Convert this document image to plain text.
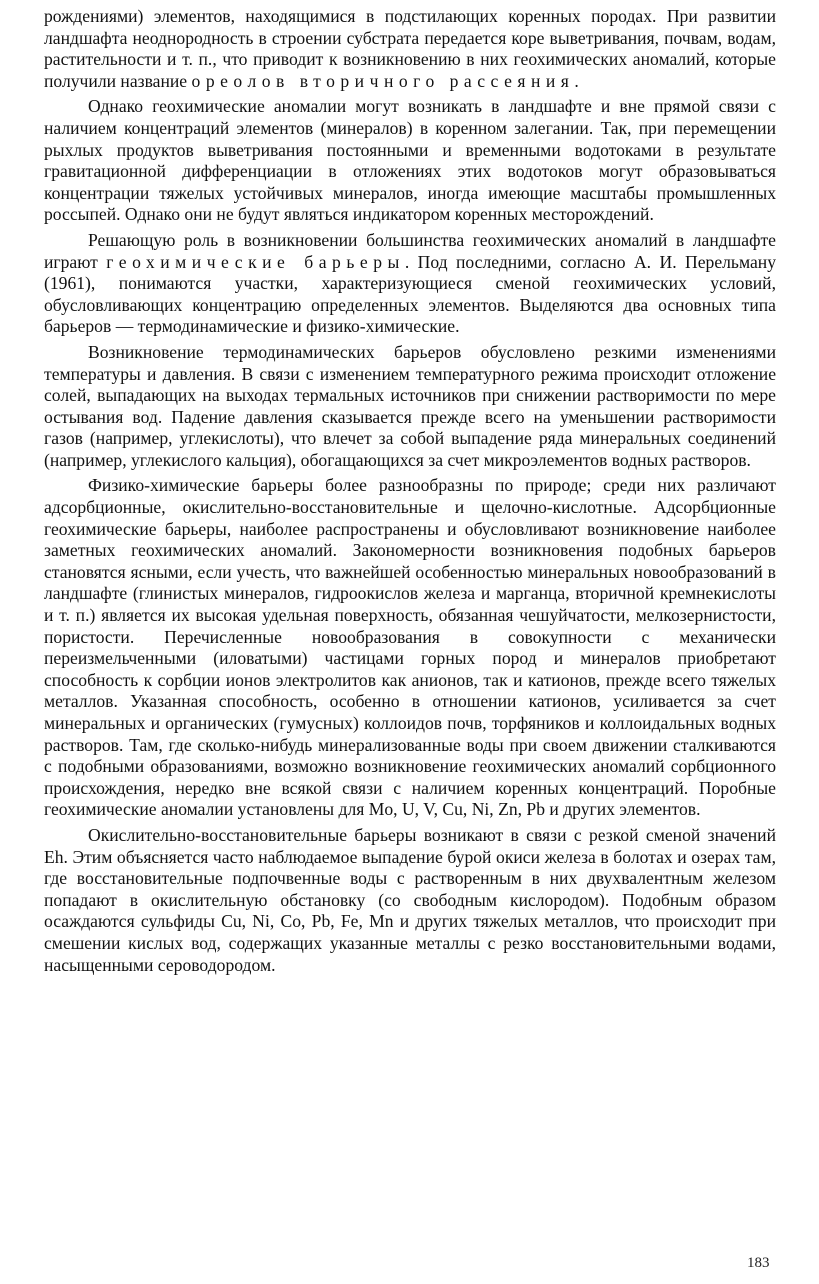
рождениями) элементов, находящимися в подстилающих коренных породах. При развитии ландшафта неоднородность в строении субстрата передается коре выветривания, почвам, водам, растительности и т. п., что приводит к возникновению в них геохимических аномалий, которые получили название ореолов вторичного рассеяния.

Однако геохимические аномалии могут возникать в ландшафте и вне прямой связи с наличием концентраций элементов (минералов) в коренном залегании. Так, при перемещении рыхлых продуктов выветривания постоянными и временными водотоками в результате гравитационной дифференциации в отложениях этих водотоков могут образовываться концентрации тяжелых устойчивых минералов, иногда имеющие масштабы промышленных россыпей. Однако они не будут являться индикатором коренных месторождений.

Решающую роль в возникновении большинства геохимических аномалий в ландшафте играют геохимические барьеры. Под последними, согласно А. И. Перельману (1961), понимаются участки, характеризующиеся сменой геохимических условий, обусловливающих концентрацию определенных элементов. Выделяются два основных типа барьеров — термодинамические и физико-химические.

Возникновение термодинамических барьеров обусловлено резкими изменениями температуры и давления. В связи с изменением температурного режима происходит отложение солей, выпадающих на выходах термальных источников при снижении растворимости по мере остывания вод. Падение давления сказывается прежде всего на уменьшении растворимости газов (например, углекислоты), что влечет за собой выпадение ряда минеральных соединений (например, углекислого кальция), обогащающихся за счет микроэлементов водных растворов.

Физико-химические барьеры более разнообразны по природе; среди них различают адсорбционные, окислительно-восстановительные и щелочно-кислотные. Адсорбционные геохимические барьеры, наиболее распространены и обусловливают возникновение наиболее заметных геохимических аномалий. Закономерности возникновения подобных барьеров становятся ясными, если учесть, что важнейшей особенностью минеральных новообразований в ландшафте (глинистых минералов, гидроокислов железа и марганца, вторичной кремнекислоты и т. п.) является их высокая удельная поверхность, обязанная чешуйчатости, мелкозернистости, пористости. Перечисленные новообразования в совокупности с механически переизмельченными (иловатыми) частицами горных пород и минералов приобретают способность к сорбции ионов электролитов как анионов, так и катионов, прежде всего тяжелых металлов. Указанная способность, особенно в отношении катионов, усиливается за счет минеральных и органических (гумусных) коллоидов почв, торфяников и коллоидальных водных растворов. Там, где сколько-нибудь минерализованные воды при своем движении сталкиваются с подобными образованиями, возможно возникновение геохимических аномалий сорбционного происхождения, нередко вне всякой связи с наличием коренных концентраций. Поробные геохимические аномалии установлены для Mo, U, V, Cu, Ni, Zn, Pb и других элементов.

Окислительно-восстановительные барьеры возникают в связи с резкой сменой значений Eh. Этим объясняется часто наблюдаемое выпадение бурой окиси железа в болотах и озерах там, где восстановительные подпочвенные воды с растворенным в них двухвалентным железом попадают в окислительную обстановку (со свободным кислородом). Подобным образом осаждаются сульфиды Cu, Ni, Co, Pb, Fe, Mn и других тяжелых металлов, что происходит при смешении кислых вод, содержащих указанные металлы с резко восстановительными водами, насыщенными сероводородом.

183
